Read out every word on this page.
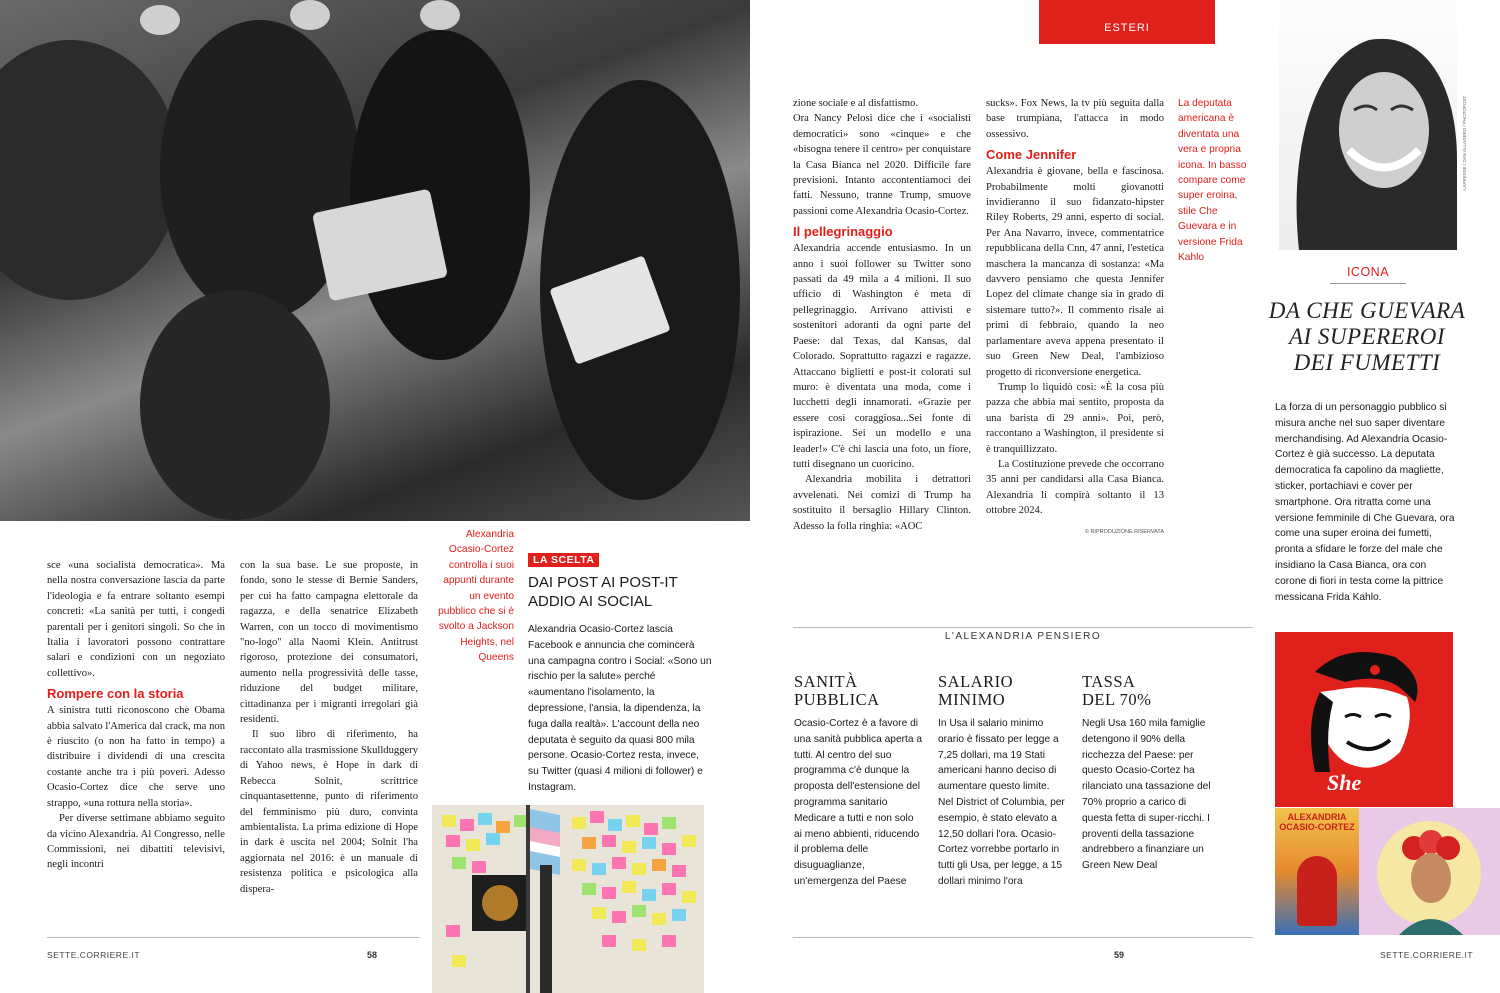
Alexandria Ocasio-Cortez controlla i suoi appunti durante un evento pubblico che si è svolto a Jackson Heights, nel Queens

sce «una socialista democratica». Ma nella nostra conversazione lascia da parte l'ideologia e fa entrare soltanto esempi concreti: «La sanità per tutti, i congedi parentali per i genitori singoli. So che in Italia i lavoratori possono contrattare salari e condizioni con un negoziato collettivo».

Rompere con la storia

A sinistra tutti riconoscono che Obama abbia salvato l'America dal crack, ma non è riuscito (o non ha fatto in tempo) a distribuire i dividendi di una crescita costante anche tra i più poveri. Adesso Ocasio-Cortez dice che serve uno strappo, «una rottura nella storia».

Per diverse settimane abbiamo seguito da vicino Alexandria. Al Congresso, nelle Commissioni, nei dibattiti televisivi, negli incontri

con la sua base. Le sue proposte, in fondo, sono le stesse di Bernie Sanders, per cui ha fatto campagna elettorale da ragazza, e della senatrice Elizabeth Warren, con un tocco di movimentismo "no-logo" alla Naomi Klein. Antitrust rigoroso, protezione dei consumatori, aumento nella progressività delle tasse, riduzione del budget militare, cittadinanza per i migranti irregolari già residenti.

Il suo libro di riferimento, ha raccontato alla trasmissione Skullduggery di Yahoo news, è Hope in dark di Rebecca Solnit, scrittrice cinquantasettenne, punto di riferimento del femminismo più duro, convinta ambientalista. La prima edizione di Hope in dark è uscita nel 2004; Solnit l'ha aggiornata nel 2016: è un manuale di resistenza politica e psicologica alla dispera-

LA SCELTA
DAI POST AI POST-IT
ADDIO AI SOCIAL
Alexandria Ocasio-Cortez lascia Facebook e annuncia che comincerà una campagna contro i Social: «Sono un rischio per la salute» perché «aumentano l'isolamento, la depressione, l'ansia, la dipendenza, la fuga dalla realtà». L'account della neo deputata è seguito da quasi 800 mila persone. Ocasio-Cortez resta, invece, su Twitter (quasi 4 milioni di follower) e Instagram.
SETTE.CORRIERE.IT	58
ESTERI

zione sociale e al disfattismo.

Ora Nancy Pelosi dice che i «socialisti democratici» sono «cinque» e che «bisogna tenere il centro» per conquistare la Casa Bianca nel 2020. Difficile fare previsioni. Intanto accontentiamoci dei fatti. Nessuno, tranne Trump, smuove passioni come Alexandria Ocasio-Cortez.

Il pellegrinaggio

Alexandria accende entusiasmo. In un anno i suoi follower su Twitter sono passati da 49 mila a 4 milioni. Il suo ufficio di Washington è meta di pellegrinaggio. Arrivano attivisti e sostenitori adoranti da ogni parte del Paese: dal Texas, dal Kansas, dal Colorado. Soprattutto ragazzi e ragazze. Attaccano biglietti e post-it colorati sul muro: è diventata una moda, come i lucchetti degli innamorati. «Grazie per essere così coraggiosa...Sei fonte di ispirazione. Sei un modello e una leader!» C'è chi lascia una foto, un fiore, tutti disegnano un cuoricino.

Alexandria mobilita i detrattori avvelenati. Nei comizi di Trump ha sostituito il bersaglio Hillary Clinton. Adesso la folla ringhia: «AOC

sucks». Fox News, la tv più seguita dalla base trumpiana, l'attacca in modo ossessivo.

Come Jennifer

Alexandria è giovane, bella e fascinosa. Probabilmente molti giovanotti invidieranno il suo fidanzato-hipster Riley Roberts, 29 anni, esperto di social. Per Ana Navarro, invece, commentatrice repubblicana della Cnn, 47 anni, l'estetica maschera la mancanza di sostanza: «Ma davvero pensiamo che questa Jennifer Lopez del climate change sia in grado di sistemare tutto?». Il commento risale ai primi di febbraio, quando la neo parlamentare aveva appena presentato il suo Green New Deal, l'ambizioso progetto di riconversione energetica.

Trump lo liquidò così: «È la cosa più pazza che abbia mai sentito, proposta da una barista di 29 anni». Poi, però, raccontano a Washington, il presidente si è tranquillizzato.

La Costituzione prevede che occorrano 35 anni per candidarsi alla Casa Bianca. Alexandria li compirà soltanto il 13 ottobre 2024.

© RIPRODUZIONE RISERVATA
La deputata americana è diventata una vera e propria icona. In basso compare come super eroina, stile Che Guevara e in versione Frida Kahlo
LAPRESSE / DAN ALLAGERO / PHOTOPOST
ICONA
DA CHE GUEVARA
AI SUPEREROI
DEI FUMETTI
La forza di un personaggio pubblico si misura anche nel suo saper diventare merchandising. Ad Alexandria Ocasio-Cortez è già successo. La deputata democratica fa capolino da magliette, sticker, portachiavi e cover per smartphone. Ora ritratta come una versione femminile di Che Guevara, ora come una super eroina dei fumetti, pronta a sfidare le forze del male che insidiano la Casa Bianca, ora con corone di fiori in testa come la pittrice messicana Frida Kahlo.
She
ALEXANDRIA OCASIO-CORTEZ
L'ALEXANDRIA PENSIERO
SANITÀ
PUBBLICA
Ocasio-Cortez è a favore di una sanità pubblica aperta a tutti. Al centro del suo programma c'è dunque la proposta dell'estensione del programma sanitario Medicare a tutti e non solo ai meno abbienti, riducendo il problema delle disuguaglianze, un'emergenza del Paese
SALARIO
MINIMO
In Usa il salario minimo orario è fissato per legge a 7,25 dollari, ma 19 Stati americani hanno deciso di aumentare questo limite. Nel District of Columbia, per esempio, è stato elevato a 12,50 dollari l'ora. Ocasio-Cortez vorrebbe portarlo in tutti gli Usa, per legge, a 15 dollari minimo l'ora
TASSA
DEL 70%
Negli Usa 160 mila famiglie detengono il 90% della ricchezza del Paese: per questo Ocasio-Cortez ha rilanciato una tassazione del 70% proprio a carico di questa fetta di super-ricchi. I proventi della tassazione andrebbero a finanziare un Green New Deal
59	SETTE.CORRIERE.IT
